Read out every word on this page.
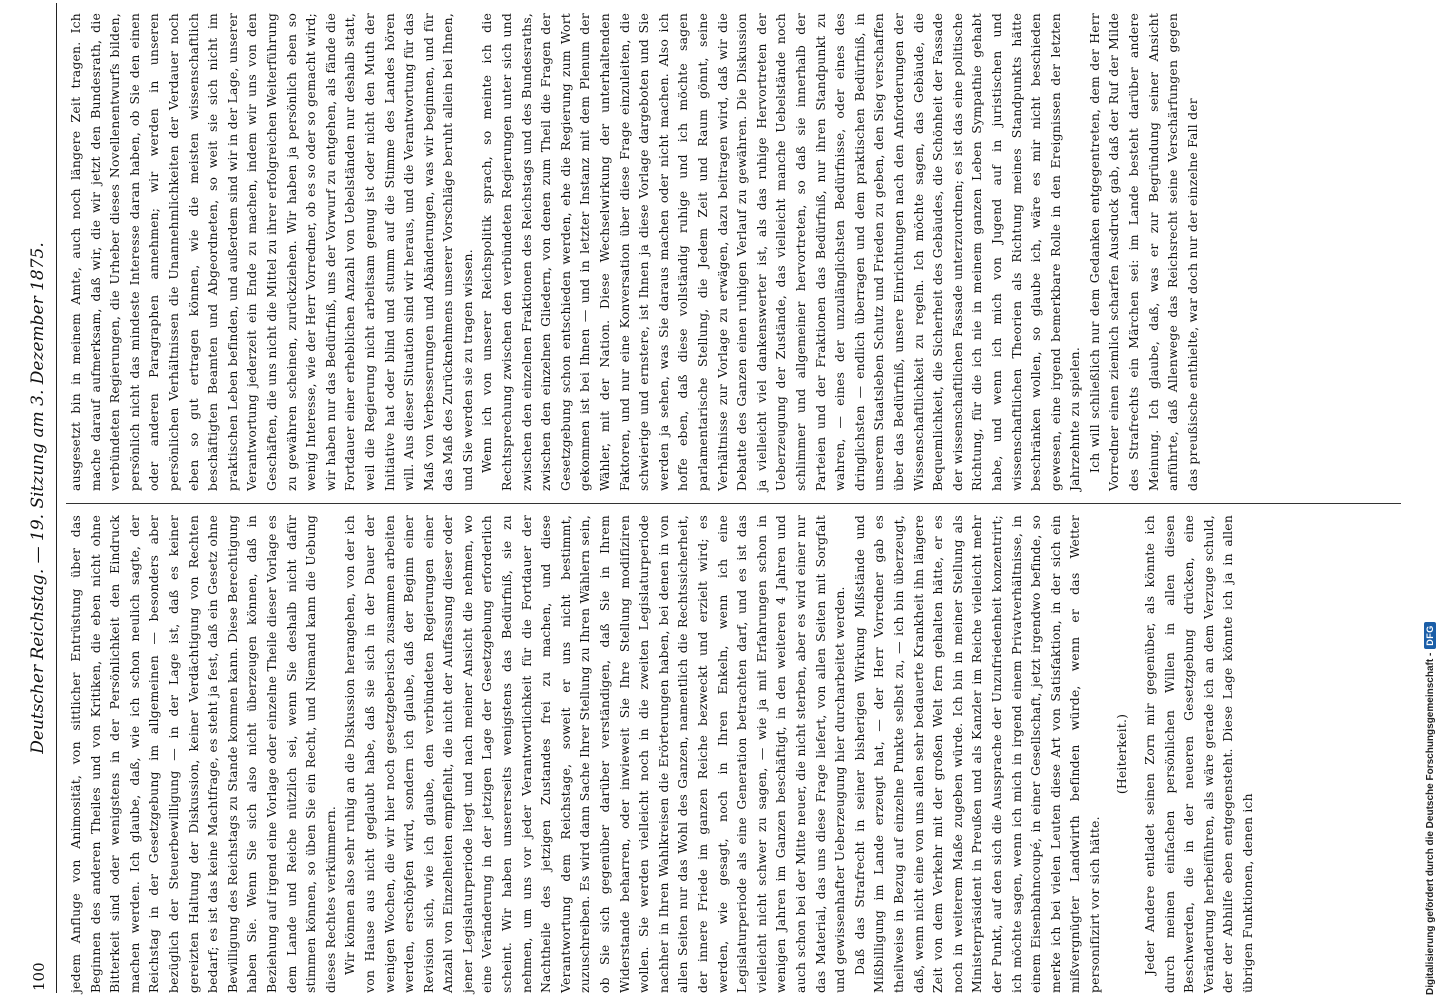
100
Deutscher Reichstag. — 19. Sitzung am 3. Dezember 1875.

jedem Anfluge von Animosität, von sittlicher Entrüstung über das Beginnen des anderen Theiles und von Kritiken, die eben nicht ohne Bitterkeit sind oder wenigstens in der Persönlichkeit den Eindruck machen werden. Ich glaube, daß, wie ich schon neulich sagte, der Reichstag in der Gesetzgebung im allgemeinen — besonders aber bezüglich der Steuerbewilligung — in der Lage ist, daß es keiner gereizten Haltung der Diskussion, keiner Verdächtigung von Rechten bedarf; es ist das keine Machtfrage, es steht ja fest, daß ein Gesetz ohne Bewilligung des Reichstags zu Stande kommen kann. Diese Berechtigung haben Sie. Wenn Sie sich also nicht überzeugen können, daß in Beziehung auf irgend eine Vorlage oder einzelne Theile dieser Vorlage es dem Lande und Reiche nützlich sei, wenn Sie deshalb nicht dafür stimmen können, so üben Sie ein Recht, und Niemand kann die Uebung dieses Rechtes verkümmern. Wir können also sehr ruhig an die Diskussion herangehen, von der ich von Hause aus nicht geglaubt habe, daß sie sich in der Dauer der wenigen Wochen, die wir hier noch gesetzgeberisch zusammen arbeiten werden, erschöpfen wird, sondern ich glaube, daß der Beginn einer Revision sich, wie ich glaube, den verbündeten Regierungen einer Anzahl von Einzelheiten empfiehlt, die nicht der Auffassung dieser oder jener Legislaturperiode liegt und nach meiner Ansicht die nehmen, wo eine Veränderung in der jetzigen Lage der Gesetzgebung erforderlich scheint. Wir haben unsererseits wenigstens das Bedürfniß, sie zu nehmen, um uns vor jeder Verantwortlichkeit für die Fortdauer der Nachtheile des jetzigen Zustandes frei zu machen, und diese Verantwortung dem Reichstage, soweit er uns nicht bestimmt, zuzuschreiben. Es wird dann Sache Ihrer Stellung zu Ihren Wählern sein, ob Sie sich gegenüber darüber verständigen, daß Sie in Ihrem Widerstande beharren, oder inwieweit Sie Ihre Stellung modifiziren wollen. Sie werden vielleicht noch in die zweiten Legislaturperiode nachher in Ihren Wahlkreisen die Erörterungen haben, bei denen in von allen Seiten nur das Wohl des Ganzen, namentlich die Rechtssicherheit, der innere Friede im ganzen Reiche bezweckt und erzielt wird; es werden, wie gesagt, noch in Ihren Enkeln, wenn ich eine Legislaturperiode als eine Generation betrachten darf, und es ist das vielleicht nicht schwer zu sagen, — wie ja mit Erfahrungen schon in wenigen Jahren im Ganzen beschäftigt, in den weiteren 4 Jahren und auch schon bei der Mitte neuer, die nicht sterben, aber es wird einer nur das Material, das uns diese Frage liefert, von allen Seiten mit Sorgfalt und gewissenhafter Ueberzeugung hier durcharbeitet werden. Daß das Strafrecht in seiner bisherigen Wirkung Mißstände und Mißbilligung im Lande erzeugt hat, — der Herr Vorredner gab es theilweise in Bezug auf einzelne Punkte selbst zu, — ich bin überzeugt, daß, wenn nicht eine von uns allen sehr bedauerte Krankheit ihn längere Zeit von dem Verkehr mit der großen Welt fern gehalten hätte, er es noch in weiterem Maße zugeben würde. Ich bin in meiner Stellung als Ministerpräsident in Preußen und als Kanzler im Reiche vielleicht mehr der Punkt, auf den sich die Aussprache der Unzufriedenheit konzentrirt; ich möchte sagen, wenn ich mich in irgend einem Privatverhältnisse, in einem Eisenbahncoupé, in einer Gesellschaft, jetzt irgendwo befinde, so merke ich bei vielen Leuten diese Art von Satisfaktion, in der sich ein mißvergnügter Landwirth befinden würde, wenn er das Wetter personifizirt vor sich hätte.

(Heiterkeit.) Jeder Andere entladet seinen Zorn mir gegenüber, als könnte ich durch meinen einfachen persönlichen Willen in allen diesen Beschwerden, die in der neueren Gesetzgebung drücken, eine Veränderung herbeiführen, als wäre gerade ich an dem Verzuge schuld, der der Abhilfe eben entgegensteht. Diese Lage könnte ich ja in allen übrigen Funktionen, denen ich

ausgesetzt bin in meinem Amte, auch noch längere Zeit tragen. Ich mache darauf aufmerksam, daß wir, die wir jetzt den Bundesrath, die verbündeten Regierungen, die Urheber dieses Novellenentwurfs bilden, persönlich nicht das mindeste Interesse daran haben, ob Sie den einen oder anderen Paragraphen annehmen; wir werden in unseren persönlichen Verhältnissen die Unannehmlichkeiten der Verdauer noch eben so gut ertragen können, wie die meisten wissenschaftlich beschäftigten Beamten und Abgeordneten, so weit sie sich nicht im praktischen Leben befinden, und außerdem sind wir in der Lage, unserer Verantwortung jederzeit ein Ende zu machen, indem wir uns von den Geschäften, die uns nicht die Mittel zu ihrer erfolgreichen Weiterführung zu gewähren scheinen, zurückziehen. Wir haben ja persönlich eben so wenig Interesse, wie der Herr Vorredner, ob es so oder so gemacht wird; wir haben nur das Bedürfniß, uns der Vorwurf zu entgehen, als fände die Fortdauer einer erheblichen Anzahl von Uebelständen nur deshalb statt, weil die Regierung nicht arbeitsam genug ist oder nicht den Muth der Initiative hat oder blind und stumm auf die Stimme des Landes hören will. Aus dieser Situation sind wir heraus, und die Verantwortung für das Maß von Verbesserungen und Abänderungen, was wir beginnen, und für das Maß des Zurücknehmens unserer Vorschläge beruht allein bei Ihnen, und Sie werden sie zu tragen wissen. Wenn ich von unserer Reichspolitik sprach, so meinte ich die Rechtsprechung zwischen den verbündeten Regierungen unter sich und zwischen den einzelnen Fraktionen des Reichstags und des Bundesraths, zwischen den einzelnen Gliedern, von denen zum Theil die Fragen der Gesetzgebung schon entschieden werden, ehe die Regierung zum Wort gekommen ist bei Ihnen — und in letzter Instanz mit dem Plenum der Wähler, mit der Nation. Diese Wechselwirkung der unterhaltenden Faktoren, und nur eine Konversation über diese Frage einzuleiten, die schwierige und ernstere, ist Ihnen ja diese Vorlage dargeboten und Sie werden ja sehen, was Sie daraus machen oder nicht machen. Also ich hoffe eben, daß diese vollständig ruhige und ich möchte sagen parlamentarische Stellung, die Jedem Zeit und Raum gönnt, seine Verhältnisse zur Vorlage zu erwägen, dazu beitragen wird, daß wir die Debatte des Ganzen einen ruhigen Verlauf zu gewähren. Die Diskussion ja vielleicht viel dankenswerter ist, als das ruhige Hervortreten der Ueberzeugung der Zustände, das vielleicht manche Uebelstände noch schlimmer und allgemeiner hervortreten, so daß sie innerhalb der Parteien und der Fraktionen das Bedürfniß, nur ihren Standpunkt zu wahren, — eines der unzulänglichsten Bedürfnisse, oder eines des dringlichsten — endlich überragen und dem praktischen Bedürfniß, in unserem Staatsleben Schutz und Frieden zu geben, den Sieg verschaffen über das Bedürfniß, unsere Einrichtungen nach den Anforderungen der Wissenschaftlichkeit zu regeln. Ich möchte sagen, das Gebäude, die Bequemlichkeit, die Sicherheit des Gebäudes, die Schönheit der Fassade der wissenschaftlichen Fassade unterzuordnen; es ist das eine politische Richtung, für die ich nie in meinem ganzen Leben Sympathie gehabt habe, und wenn ich mich von Jugend auf in juristischen und wissenschaftlichen Theorien als Richtung meines Standpunkts hätte beschränken wollen, so glaube ich, wäre es mir nicht beschieden gewesen, eine irgend bemerkbare Rolle in den Ereignissen der letzten Jahrzehnte zu spielen. Ich will schließlich nur dem Gedanken entgegentreten, dem der Herr Vorredner einen ziemlich scharfen Ausdruck gab, daß der Ruf der Milde des Strafrechts ein Märchen sei: im Lande besteht darüber andere Meinung. Ich glaube, daß, was er zur Begründung seiner Ansicht anführte, daß Allenwege das Reichsrecht seine Verschärfungen gegen das preußische enthielte, war doch nur der einzelne Fall der

Digitalisierung gefördert durch die Deutsche Forschungsgemeinschaft -
DFG
